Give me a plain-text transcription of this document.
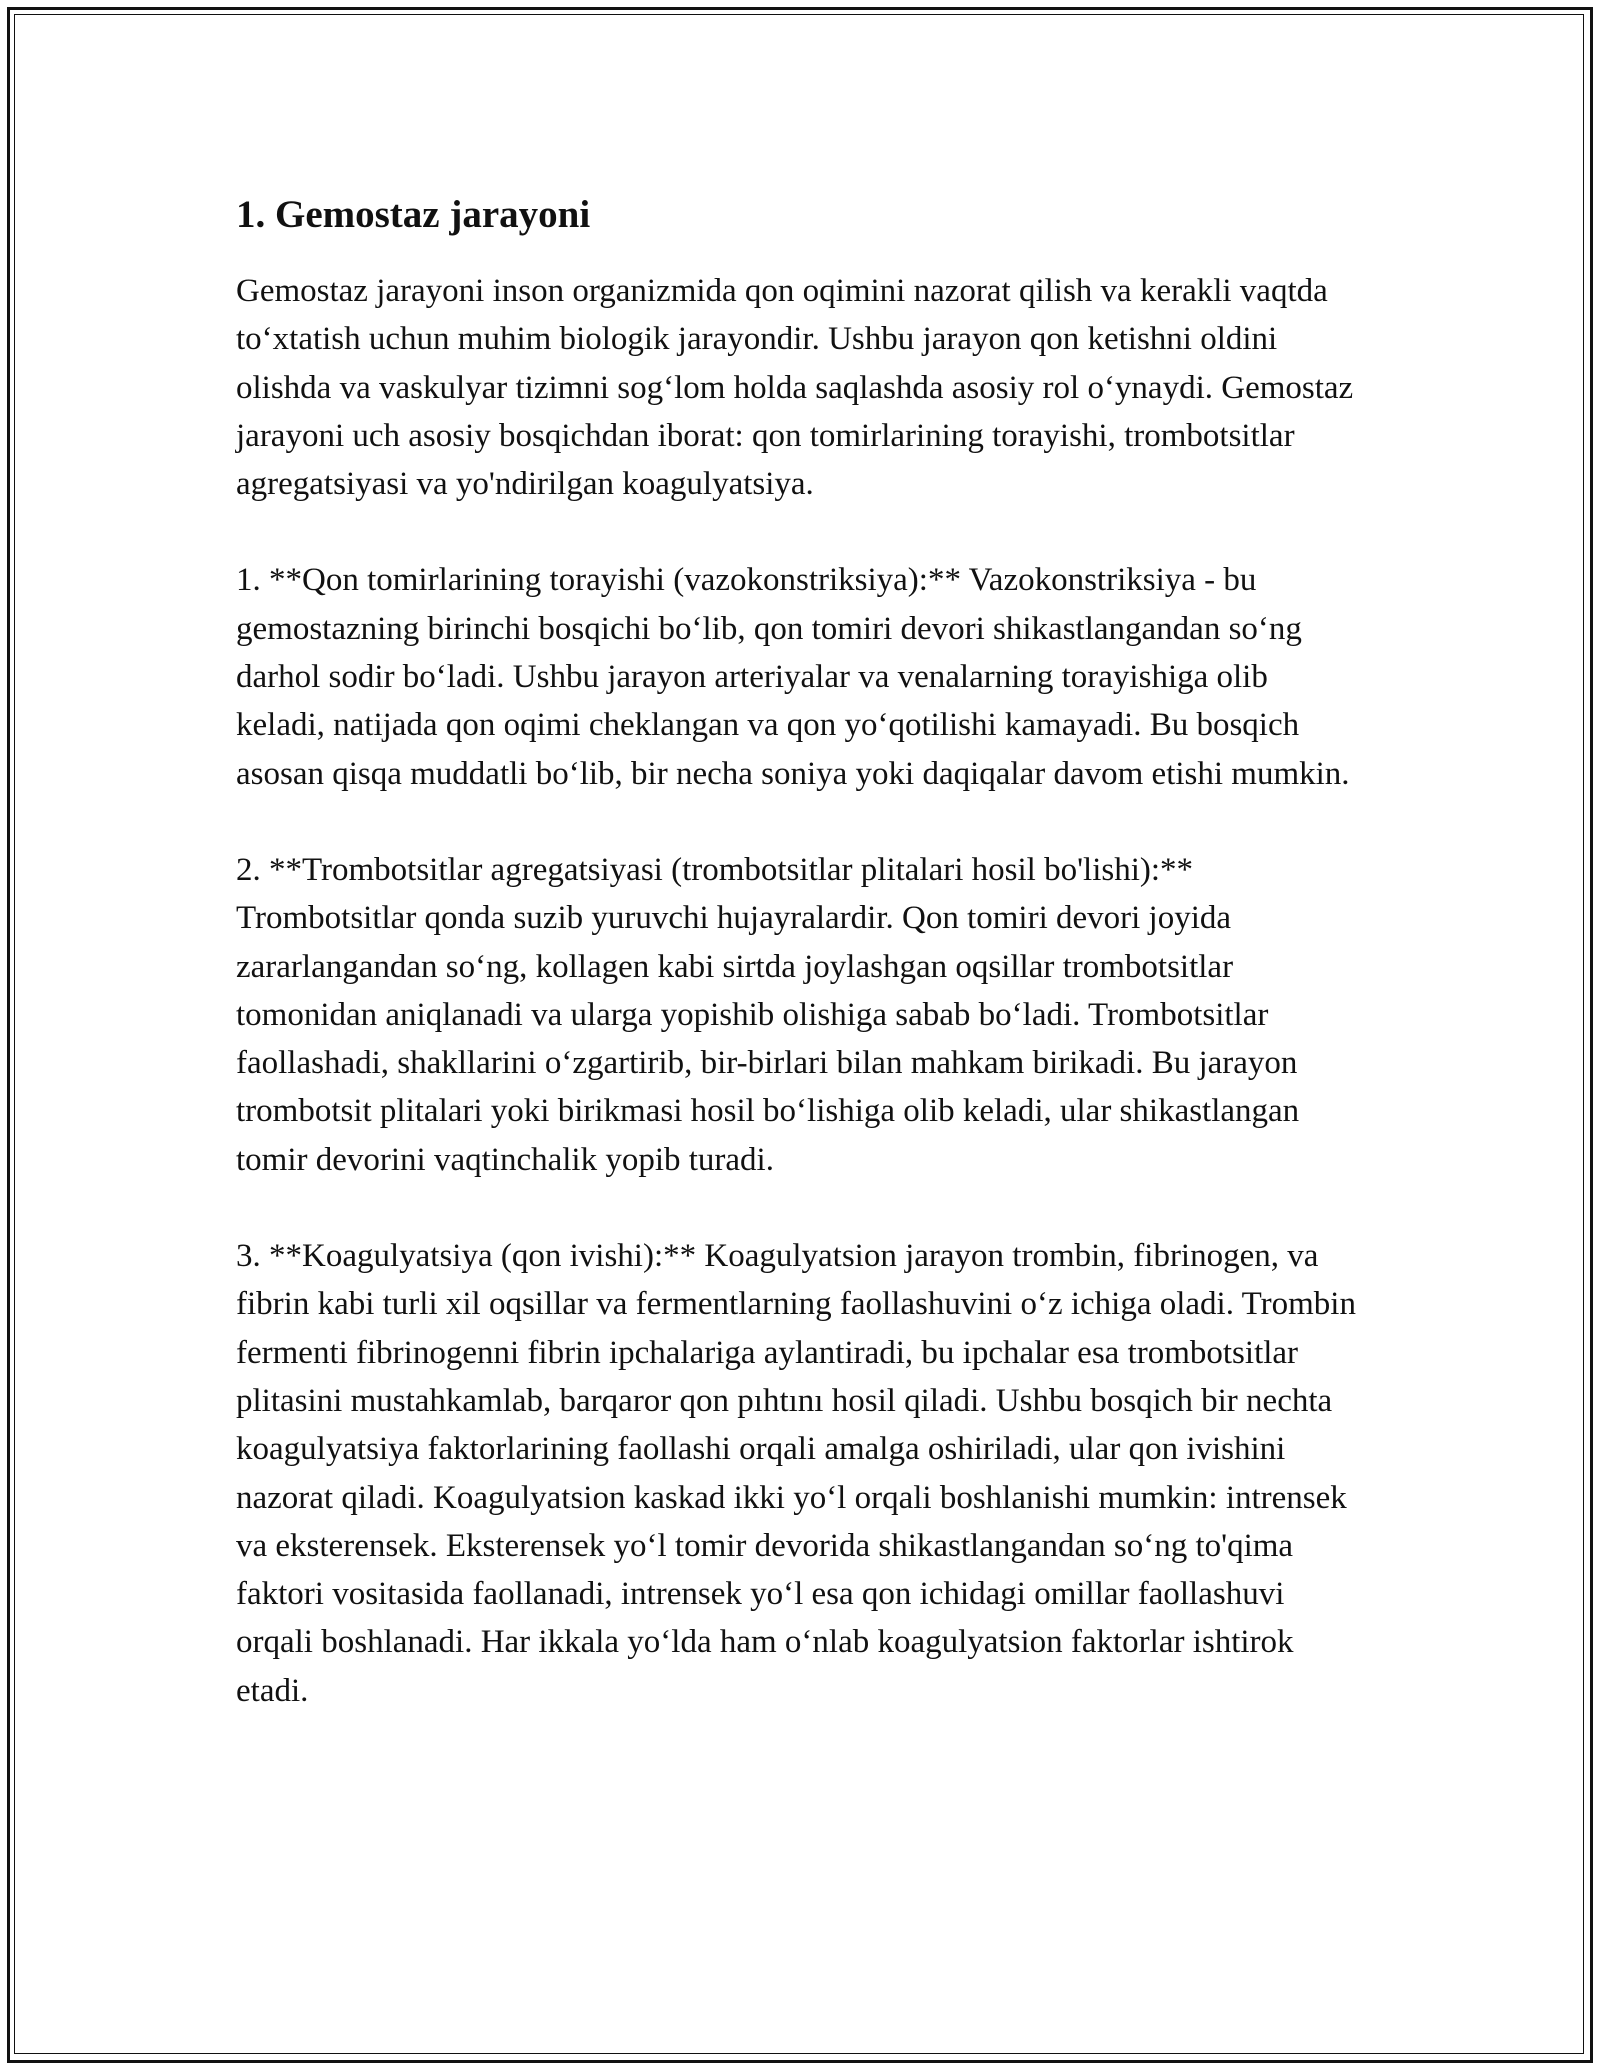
1. Gemostaz jarayoni

Gemostaz jarayoni inson organizmida qon oqimini nazorat qilish va kerakli vaqtda to‘xtatish uchun muhim biologik jarayondir. Ushbu jarayon qon ketishni oldini olishda va vaskulyar tizimni sog‘lom holda saqlashda asosiy rol o‘ynaydi. Gemostaz jarayoni uch asosiy bosqichdan iborat: qon tomirlarining torayishi, trombotsitlar agregatsiyasi va yo'ndirilgan koagulyatsiya.

1. **Qon tomirlarining torayishi (vazokonstriksiya):** Vazokonstriksiya - bu gemostazning birinchi bosqichi bo‘lib, qon tomiri devori shikastlangandan so‘ng darhol sodir bo‘ladi. Ushbu jarayon arteriyalar va venalarning torayishiga olib keladi, natijada qon oqimi cheklangan va qon yo‘qotilishi kamayadi. Bu bosqich asosan qisqa muddatli bo‘lib, bir necha soniya yoki daqiqalar davom etishi mumkin.

2. **Trombotsitlar agregatsiyasi (trombotsitlar plitalari hosil bo'lishi):** Trombotsitlar qonda suzib yuruvchi hujayralardir. Qon tomiri devori joyida zararlangandan so‘ng, kollagen kabi sirtda joylashgan oqsillar trombotsitlar tomonidan aniqlanadi va ularga yopishib olishiga sabab bo‘ladi. Trombotsitlar faollashadi, shakllarini o‘zgartirib, bir-birlari bilan mahkam birikadi. Bu jarayon trombotsit plitalari yoki birikmasi hosil bo‘lishiga olib keladi, ular shikastlangan tomir devorini vaqtinchalik yopib turadi.

3. **Koagulyatsiya (qon ivishi):** Koagulyatsion jarayon trombin, fibrinogen, va fibrin kabi turli xil oqsillar va fermentlarning faollashuvini o‘z ichiga oladi. Trombin fermenti fibrinogenni fibrin ipchalariga aylantiradi, bu ipchalar esa trombotsitlar plitasini mustahkamlab, barqaror qon pıhtını hosil qiladi. Ushbu bosqich bir nechta koagulyatsiya faktorlarining faollashi orqali amalga oshiriladi, ular qon ivishini nazorat qiladi. Koagulyatsion kaskad ikki yo‘l orqali boshlanishi mumkin: intrensek va eksterensek. Eksterensek yo‘l tomir devorida shikastlangandan so‘ng to'qima faktori vositasida faollanadi, intrensek yo‘l esa qon ichidagi omillar faollashuvi orqali boshlanadi. Har ikkala yo‘lda ham o‘nlab koagulyatsion faktorlar ishtirok etadi.
